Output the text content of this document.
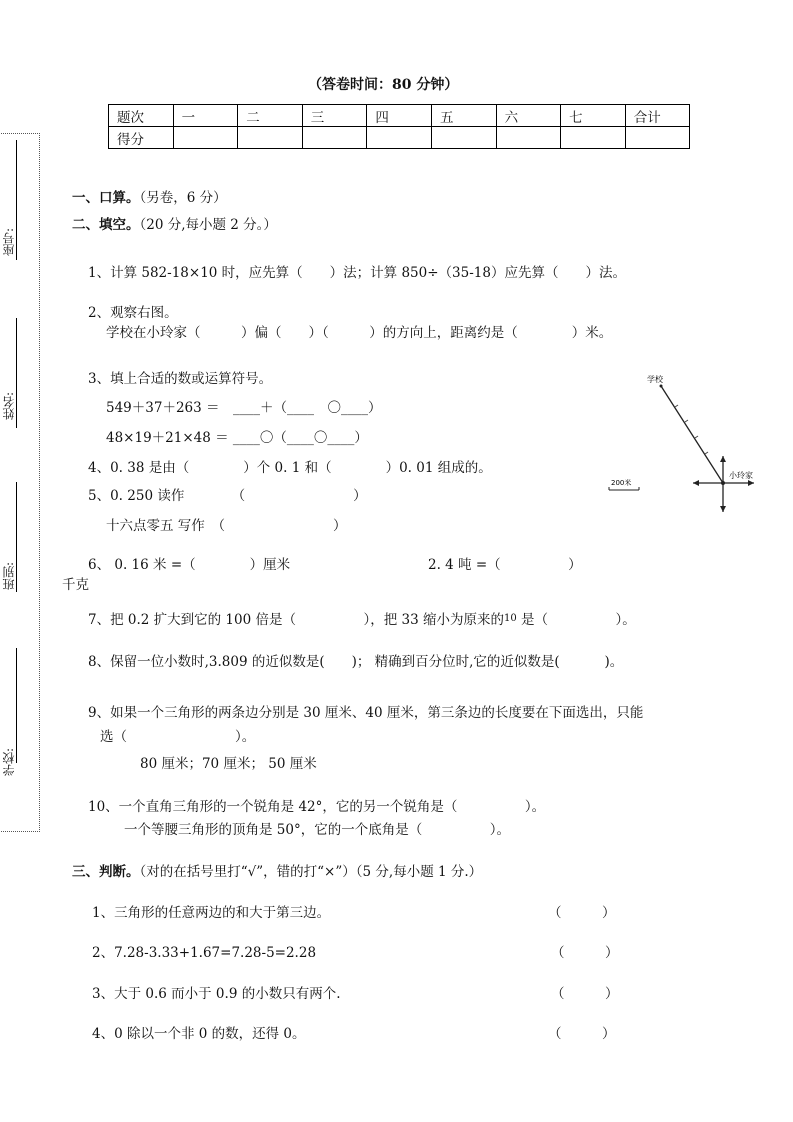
（答卷时间：80 分钟）
题次	一	二	三	四	五	六	七	合计
得分								
座号:
姓名:
班别:
学校:
一、口算。（另卷，6 分）
二、填空。（20 分,每小题 2 分。）
1、计算 582-18×10 时，应先算（　　）法；计算 850÷（35-18）应先算（　　）法。
2、观察右图。
学校在小玲家（　　　）偏（　　）（　　　）的方向上，距离约是（　　　　）米。
3、填上合适的数或运算符号。
549＋37＋263 ＝　____＋（____　〇____）
48×19＋21×48 ＝ ____〇（____〇____）
4、0. 38 是由（　　　　）个 0. 1 和（　　　　）0. 01 组成的。
5、0. 250 读作　　　　（　　　　　　　　）
十六点零五 写作　（　　　　　　　　）
6、 0. 16 米 =（　　　　）厘米	2. 4 吨 =（　　　　　）
千克
7、把 0.2 扩大到它的 100 倍是（　　　　　），把 33 缩小为原来的$^{10}$ 是（　　　　　）。
8、保留一位小数时,3.809 的近似数是(　　)； 精确到百分位时,它的近似数是(　　　 )。
9、如果一个三角形的两条边分别是 30 厘米、40 厘米，第三条边的长度要在下面选出，只能
选（　　　　　　　　）。
80 厘米；70 厘米； 50 厘米
10、一个直角三角形的一个锐角是 42°，它的另一个锐角是（　　　　　）。
一个等腰三角形的顶角是 50°，它的一个底角是（　　　　　）。
学校
小玲家
200米
三、判断。（对的在括号里打“√”，错的打“×”）（5 分,每小题 1 分.）
1、三角形的任意两边的和大于第三边。	（　　　）
2、7.28-3.33+1.67=7.28-5=2.28	（　　　）
3、大于 0.6 而小于 0.9 的小数只有两个.	（　　　）
4、0 除以一个非 0 的数，还得 0。	（　　　）
